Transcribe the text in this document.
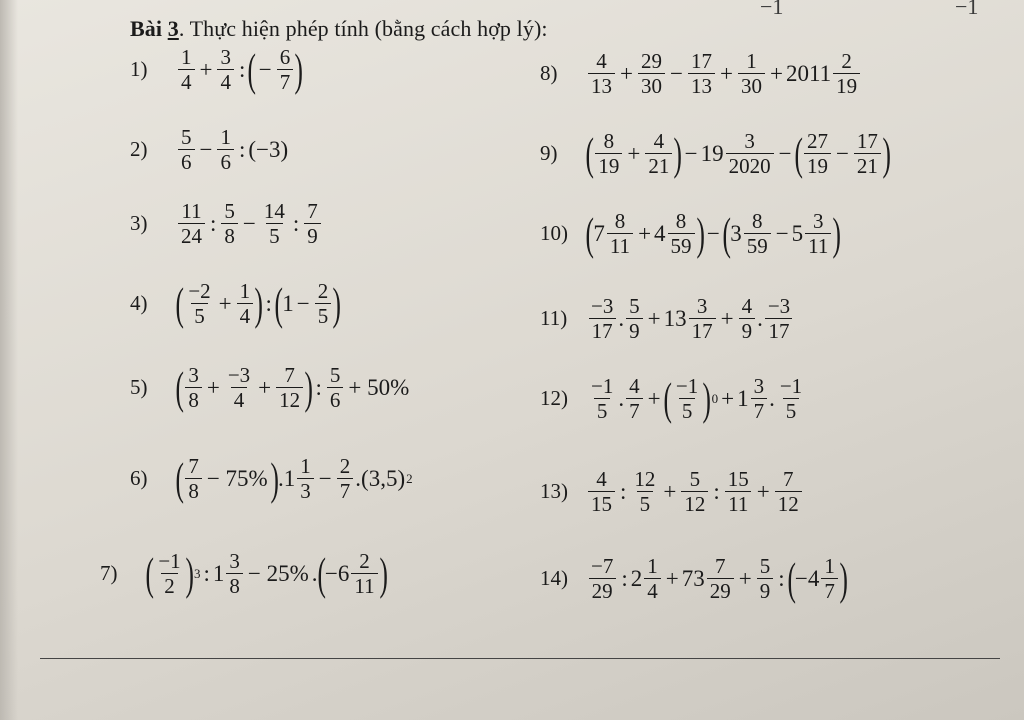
−1	−1
Bài 3. Thực hiện phép tính (bằng cách hợp lý):
1)	$\frac{1}{4} + \frac{3}{4}$ : ( − $\frac{6}{7}$ )
2)	$\frac{5}{6} - \frac{1}{6}$ : (−3)
3)	$\frac{11}{24}$ : $\frac{5}{8} - \frac{14}{5}$ : $\frac{7}{9}$
4) ( $\frac{-2}{5} + \frac{1}{4}$ ) : ( $1 - \frac{2}{5}$ )
5) ( $\frac{3}{8} + \frac{-3}{4} + \frac{7}{12}$ ) : $\frac{5}{6} + 50\%$
6) ( $\frac{7}{8} - 75\%$ ) . $1 \frac{1}{3} - \frac{2}{7}$ . (3,5) 2
7) ( $\frac{-1}{2}$ ) 3 : $1 \frac{3}{8} - 25\%$ . ( $-6 \frac{2}{11}$ )
8)	$\frac{4}{13} + \frac{29}{30} - \frac{17}{13} + \frac{1}{30} + 2011 \frac{2}{19}$
9) ( $\frac{8}{19} + \frac{4}{21}$ ) − $19 \frac{3}{2020}$ − ( $\frac{27}{19} - \frac{17}{21}$ )
10) ( $7 \frac{8}{11} + 4 \frac{8}{59}$ ) − ( $3 \frac{8}{59} - 5 \frac{3}{11}$ )
$11) \frac{-3}{17}$ . $\frac{5}{9} + 13 \frac{3}{17} + \frac{4}{9}$ . $\frac{-3}{17}$
$12) \frac{-1}{5}$ . $\frac{4}{7}$ + ( $\frac{-1}{5}$ ) $0 + 1 \frac{3}{7}$ . $\frac{-1}{5}$
$13) \frac{4}{15}$ : $\frac{12}{5} + \frac{5}{12}$ : $\frac{15}{11} + \frac{7}{12}$
$14) \frac{-7}{29}$ : $2 \frac{1}{4} + 73 \frac{7}{29} + \frac{5}{9}$ : ( $-4 \frac{1}{7}$ )
